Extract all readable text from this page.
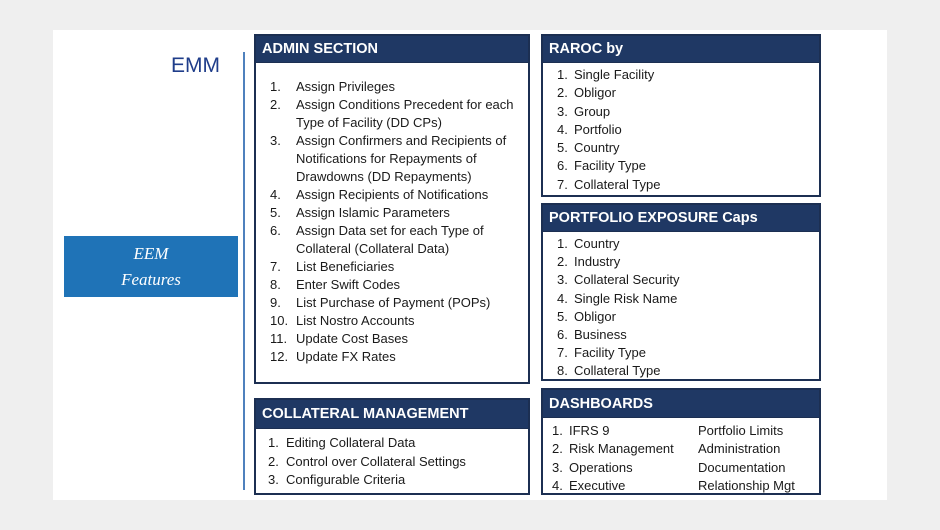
EMM
EEM
Features
ADMIN SECTION
1. Assign Privileges
2. Assign Conditions Precedent for each Type of Facility (DD CPs)
3. Assign Confirmers and Recipients of Notifications for Repayments of Drawdowns (DD Repayments)
4. Assign Recipients of Notifications
5. Assign Islamic Parameters
6. Assign Data set for each Type of Collateral (Collateral Data)
7. List Beneficiaries
8. Enter Swift Codes
9. List Purchase of Payment (POPs)
10. List Nostro Accounts
11. Update Cost Bases
12. Update FX Rates
COLLATERAL MANAGEMENT
1. Editing Collateral Data
2. Control over Collateral Settings
3. Configurable Criteria
RAROC by
1. Single Facility
2. Obligor
3. Group
4. Portfolio
5. Country
6. Facility Type
7. Collateral Type
PORTFOLIO EXPOSURE Caps
1. Country
2. Industry
3. Collateral Security
4. Single Risk Name
5. Obligor
6. Business
7. Facility Type
8. Collateral Type
DASHBOARDS
1. IFRS 9
2. Risk Management
3. Operations
4. Executive
Portfolio Limits
Administration
Documentation
Relationship Mgt
